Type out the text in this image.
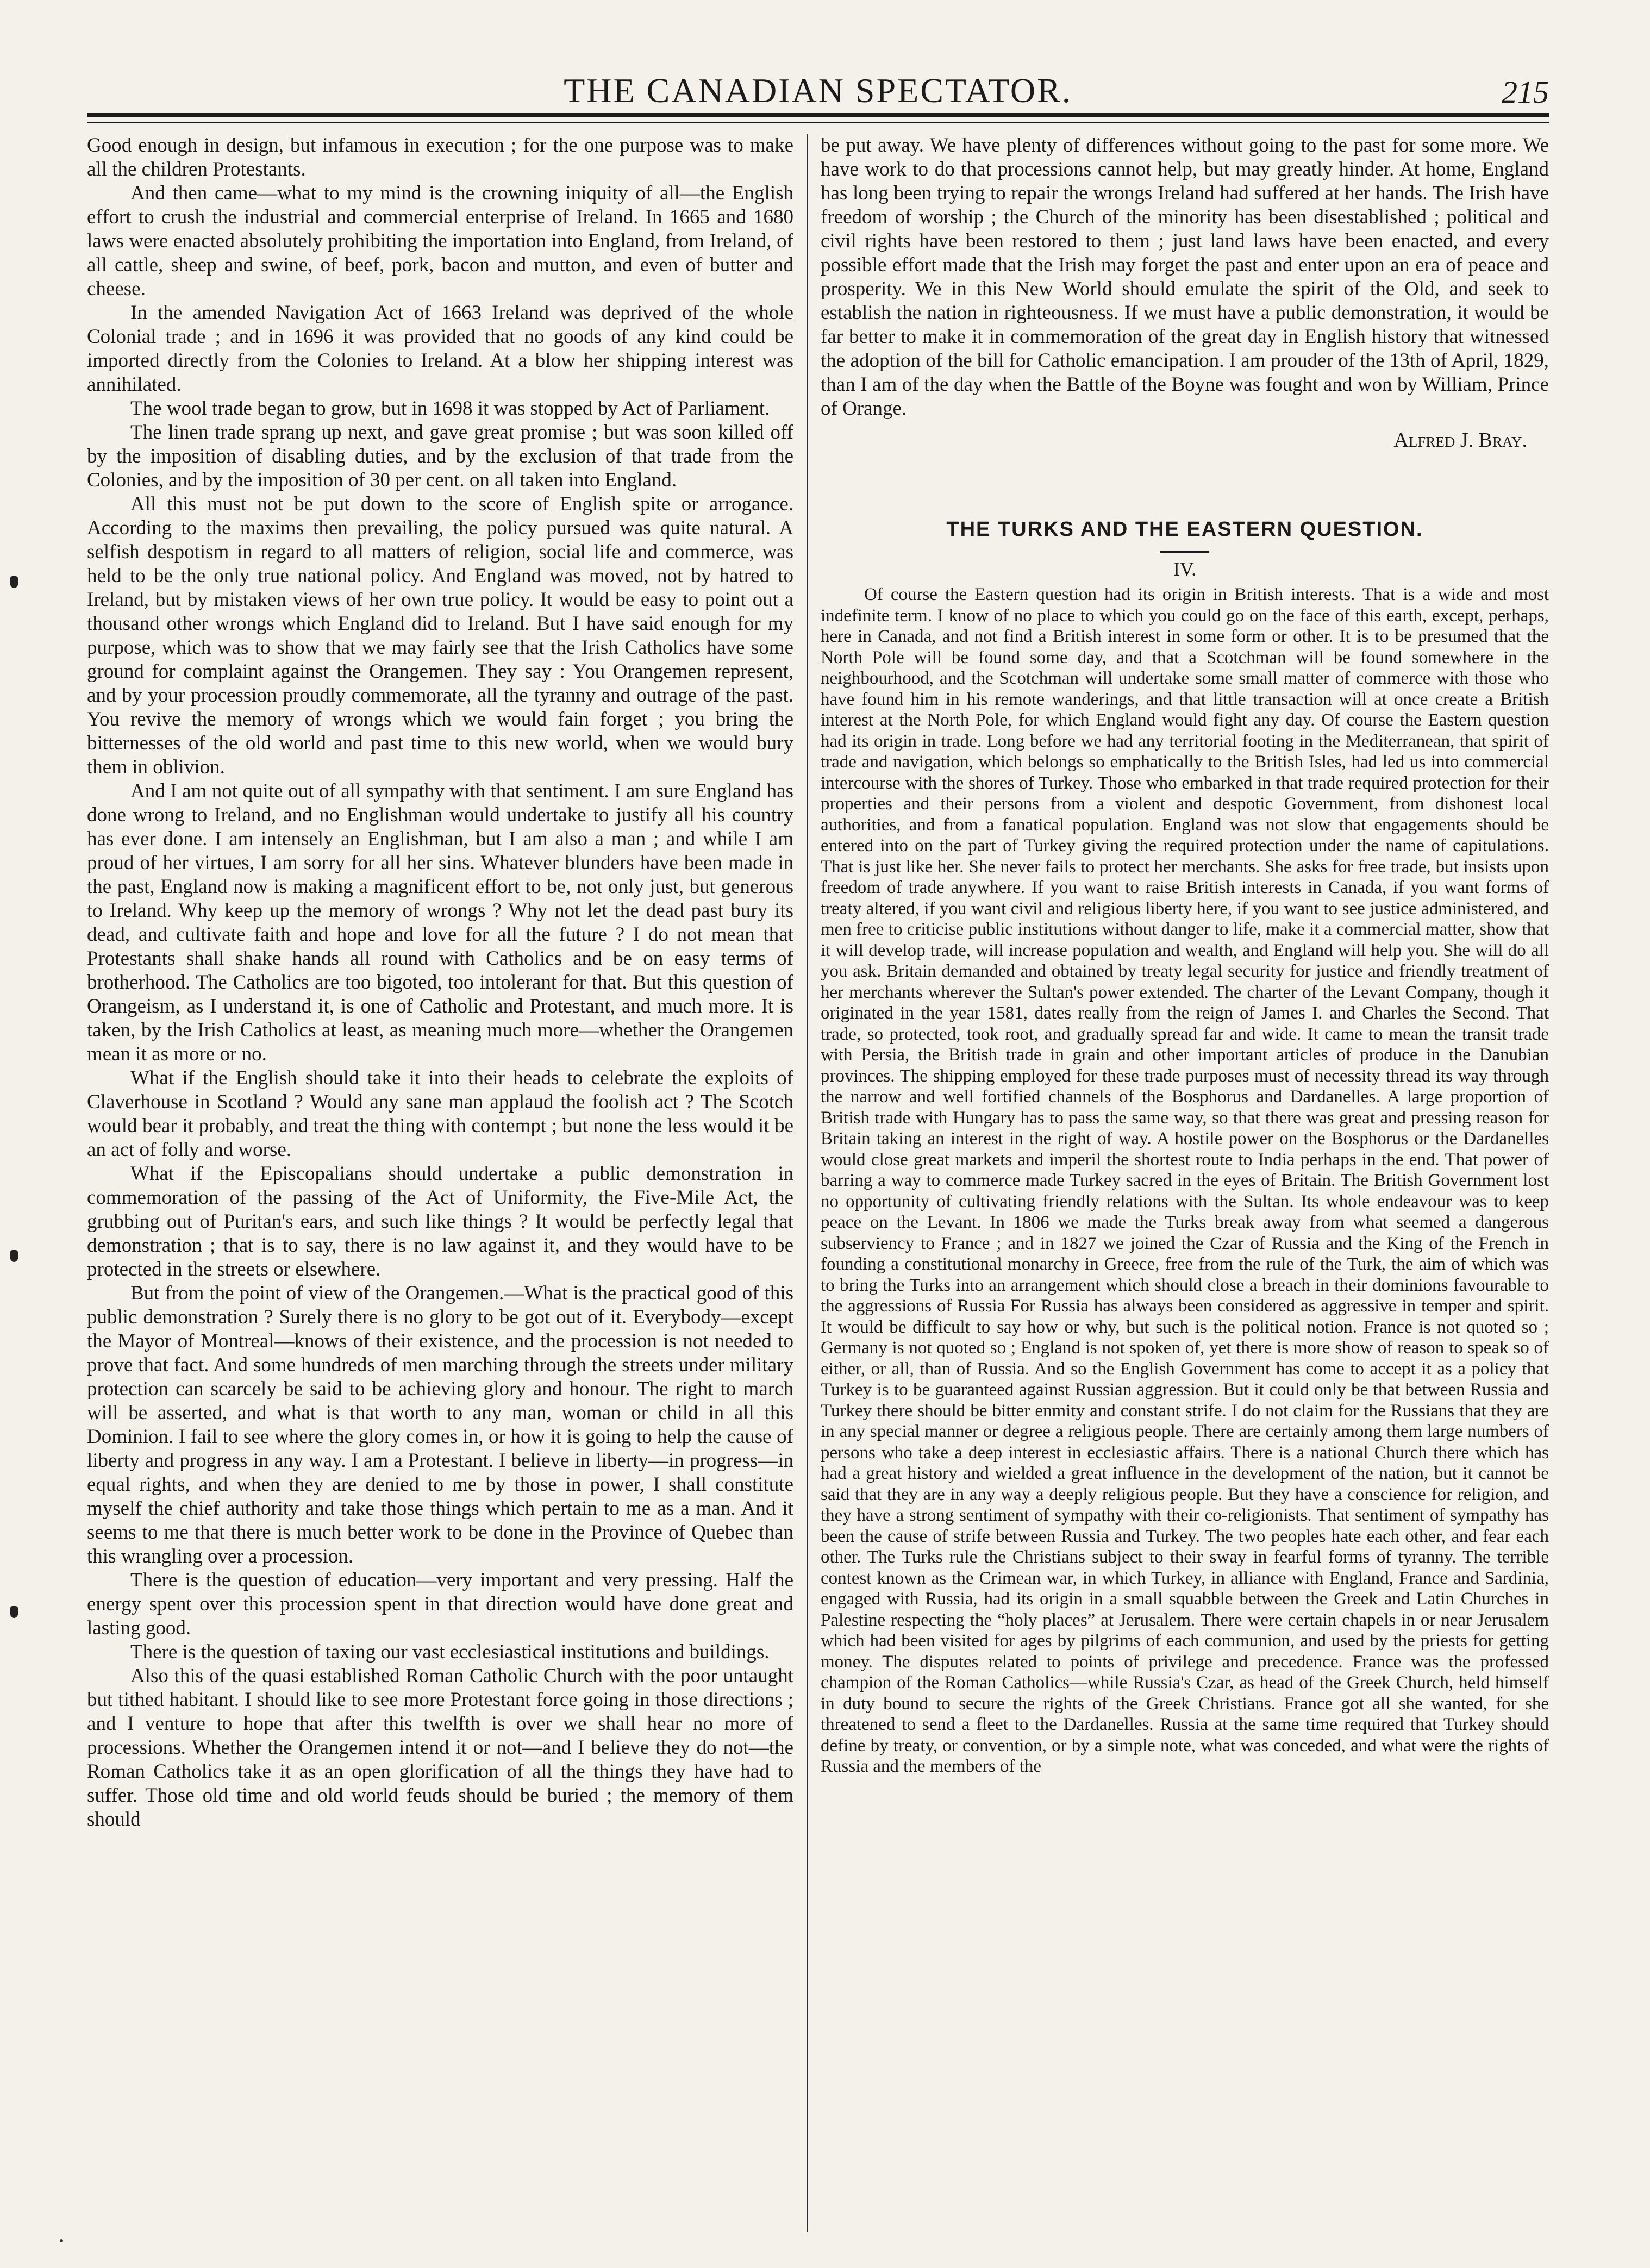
THE CANADIAN SPECTATOR.	215

Good enough in design, but infamous in execution ; for the one purpose was to make all the children Protestants.

And then came—what to my mind is the crowning iniquity of all—the English effort to crush the industrial and commercial enterprise of Ireland. In 1665 and 1680 laws were enacted absolutely prohibiting the importation into England, from Ireland, of all cattle, sheep and swine, of beef, pork, bacon and mutton, and even of butter and cheese.

In the amended Navigation Act of 1663 Ireland was deprived of the whole Colonial trade ; and in 1696 it was provided that no goods of any kind could be imported directly from the Colonies to Ireland. At a blow her shipping interest was annihilated.

The wool trade began to grow, but in 1698 it was stopped by Act of Parliament.

The linen trade sprang up next, and gave great promise ; but was soon killed off by the imposition of disabling duties, and by the exclusion of that trade from the Colonies, and by the imposition of 30 per cent. on all taken into England.

All this must not be put down to the score of English spite or arrogance. According to the maxims then prevailing, the policy pursued was quite natural. A selfish despotism in regard to all matters of religion, social life and commerce, was held to be the only true national policy. And England was moved, not by hatred to Ireland, but by mistaken views of her own true policy. It would be easy to point out a thousand other wrongs which England did to Ireland. But I have said enough for my purpose, which was to show that we may fairly see that the Irish Catholics have some ground for complaint against the Orangemen. They say : You Orangemen represent, and by your procession proudly commemorate, all the tyranny and outrage of the past. You revive the memory of wrongs which we would fain forget ; you bring the bitternesses of the old world and past time to this new world, when we would bury them in oblivion.

And I am not quite out of all sympathy with that sentiment. I am sure England has done wrong to Ireland, and no Englishman would undertake to justify all his country has ever done. I am intensely an Englishman, but I am also a man ; and while I am proud of her virtues, I am sorry for all her sins. Whatever blunders have been made in the past, England now is making a magnificent effort to be, not only just, but generous to Ireland. Why keep up the memory of wrongs ? Why not let the dead past bury its dead, and cultivate faith and hope and love for all the future ? I do not mean that Protestants shall shake hands all round with Catholics and be on easy terms of brotherhood. The Catholics are too bigoted, too intolerant for that. But this question of Orangeism, as I understand it, is one of Catholic and Protestant, and much more. It is taken, by the Irish Catholics at least, as meaning much more—whether the Orangemen mean it as more or no.

What if the English should take it into their heads to celebrate the exploits of Claverhouse in Scotland ? Would any sane man applaud the foolish act ? The Scotch would bear it probably, and treat the thing with contempt ; but none the less would it be an act of folly and worse.

What if the Episcopalians should undertake a public demonstration in commemoration of the passing of the Act of Uniformity, the Five-Mile Act, the grubbing out of Puritan's ears, and such like things ? It would be perfectly legal that demonstration ; that is to say, there is no law against it, and they would have to be protected in the streets or elsewhere.

But from the point of view of the Orangemen.—What is the practical good of this public demonstration ? Surely there is no glory to be got out of it. Everybody—except the Mayor of Montreal—knows of their existence, and the procession is not needed to prove that fact. And some hundreds of men marching through the streets under military protection can scarcely be said to be achieving glory and honour. The right to march will be asserted, and what is that worth to any man, woman or child in all this Dominion. I fail to see where the glory comes in, or how it is going to help the cause of liberty and progress in any way. I am a Protestant. I believe in liberty—in progress—in equal rights, and when they are denied to me by those in power, I shall constitute myself the chief authority and take those things which pertain to me as a man. And it seems to me that there is much better work to be done in the Province of Quebec than this wrangling over a procession.

There is the question of education—very important and very pressing. Half the energy spent over this procession spent in that direction would have done great and lasting good.

There is the question of taxing our vast ecclesiastical institutions and buildings.

Also this of the quasi established Roman Catholic Church with the poor untaught but tithed habitant. I should like to see more Protestant force going in those directions ; and I venture to hope that after this twelfth is over we shall hear no more of processions. Whether the Orangemen intend it or not—and I believe they do not—the Roman Catholics take it as an open glorification of all the things they have had to suffer. Those old time and old world feuds should be buried ; the memory of them should

be put away. We have plenty of differences without going to the past for some more. We have work to do that processions cannot help, but may greatly hinder. At home, England has long been trying to repair the wrongs Ireland had suffered at her hands. The Irish have freedom of worship ; the Church of the minority has been disestablished ; political and civil rights have been restored to them ; just land laws have been enacted, and every possible effort made that the Irish may forget the past and enter upon an era of peace and prosperity. We in this New World should emulate the spirit of the Old, and seek to establish the nation in righteousness. If we must have a public demonstration, it would be far better to make it in commemoration of the great day in English history that witnessed the adoption of the bill for Catholic emancipation. I am prouder of the 13th of April, 1829, than I am of the day when the Battle of the Boyne was fought and won by William, Prince of Orange.

Alfred J. Bray.
THE TURKS AND THE EASTERN QUESTION.
IV.

Of course the Eastern question had its origin in British interests. That is a wide and most indefinite term. I know of no place to which you could go on the face of this earth, except, perhaps, here in Canada, and not find a British interest in some form or other. It is to be presumed that the North Pole will be found some day, and that a Scotchman will be found somewhere in the neighbourhood, and the Scotchman will undertake some small matter of commerce with those who have found him in his remote wanderings, and that little transaction will at once create a British interest at the North Pole, for which England would fight any day. Of course the Eastern question had its origin in trade. Long before we had any territorial footing in the Mediterranean, that spirit of trade and navigation, which belongs so emphatically to the British Isles, had led us into commercial intercourse with the shores of Turkey. Those who embarked in that trade required protection for their properties and their persons from a violent and despotic Government, from dishonest local authorities, and from a fanatical population. England was not slow that engagements should be entered into on the part of Turkey giving the required protection under the name of capitulations. That is just like her. She never fails to protect her merchants. She asks for free trade, but insists upon freedom of trade anywhere. If you want to raise British interests in Canada, if you want forms of treaty altered, if you want civil and religious liberty here, if you want to see justice administered, and men free to criticise public institutions without danger to life, make it a commercial matter, show that it will develop trade, will increase population and wealth, and England will help you. She will do all you ask. Britain demanded and obtained by treaty legal security for justice and friendly treatment of her merchants wherever the Sultan's power extended. The charter of the Levant Company, though it originated in the year 1581, dates really from the reign of James I. and Charles the Second. That trade, so protected, took root, and gradually spread far and wide. It came to mean the transit trade with Persia, the British trade in grain and other important articles of produce in the Danubian provinces. The shipping employed for these trade purposes must of necessity thread its way through the narrow and well fortified channels of the Bosphorus and Dardanelles. A large proportion of British trade with Hungary has to pass the same way, so that there was great and pressing reason for Britain taking an interest in the right of way. A hostile power on the Bosphorus or the Dardanelles would close great markets and imperil the shortest route to India perhaps in the end. That power of barring a way to commerce made Turkey sacred in the eyes of Britain. The British Government lost no opportunity of cultivating friendly relations with the Sultan. Its whole endeavour was to keep peace on the Levant. In 1806 we made the Turks break away from what seemed a dangerous subserviency to France ; and in 1827 we joined the Czar of Russia and the King of the French in founding a constitutional monarchy in Greece, free from the rule of the Turk, the aim of which was to bring the Turks into an arrangement which should close a breach in their dominions favourable to the aggressions of Russia For Russia has always been considered as aggressive in temper and spirit. It would be difficult to say how or why, but such is the political notion. France is not quoted so ; Germany is not quoted so ; England is not spoken of, yet there is more show of reason to speak so of either, or all, than of Russia. And so the English Government has come to accept it as a policy that Turkey is to be guaranteed against Russian aggression. But it could only be that between Russia and Turkey there should be bitter enmity and constant strife. I do not claim for the Russians that they are in any special manner or degree a religious people. There are certainly among them large numbers of persons who take a deep interest in ecclesiastic affairs. There is a national Church there which has had a great history and wielded a great influence in the development of the nation, but it cannot be said that they are in any way a deeply religious people. But they have a conscience for religion, and they have a strong sentiment of sympathy with their co-religionists. That sentiment of sympathy has been the cause of strife between Russia and Turkey. The two peoples hate each other, and fear each other. The Turks rule the Christians subject to their sway in fearful forms of tyranny. The terrible contest known as the Crimean war, in which Turkey, in alliance with England, France and Sardinia, engaged with Russia, had its origin in a small squabble between the Greek and Latin Churches in Palestine respecting the “holy places” at Jerusalem. There were certain chapels in or near Jerusalem which had been visited for ages by pilgrims of each communion, and used by the priests for getting money. The disputes related to points of privilege and precedence. France was the professed champion of the Roman Catholics—while Russia's Czar, as head of the Greek Church, held himself in duty bound to secure the rights of the Greek Christians. France got all she wanted, for she threatened to send a fleet to the Dardanelles. Russia at the same time required that Turkey should define by treaty, or convention, or by a simple note, what was conceded, and what were the rights of Russia and the members of the
